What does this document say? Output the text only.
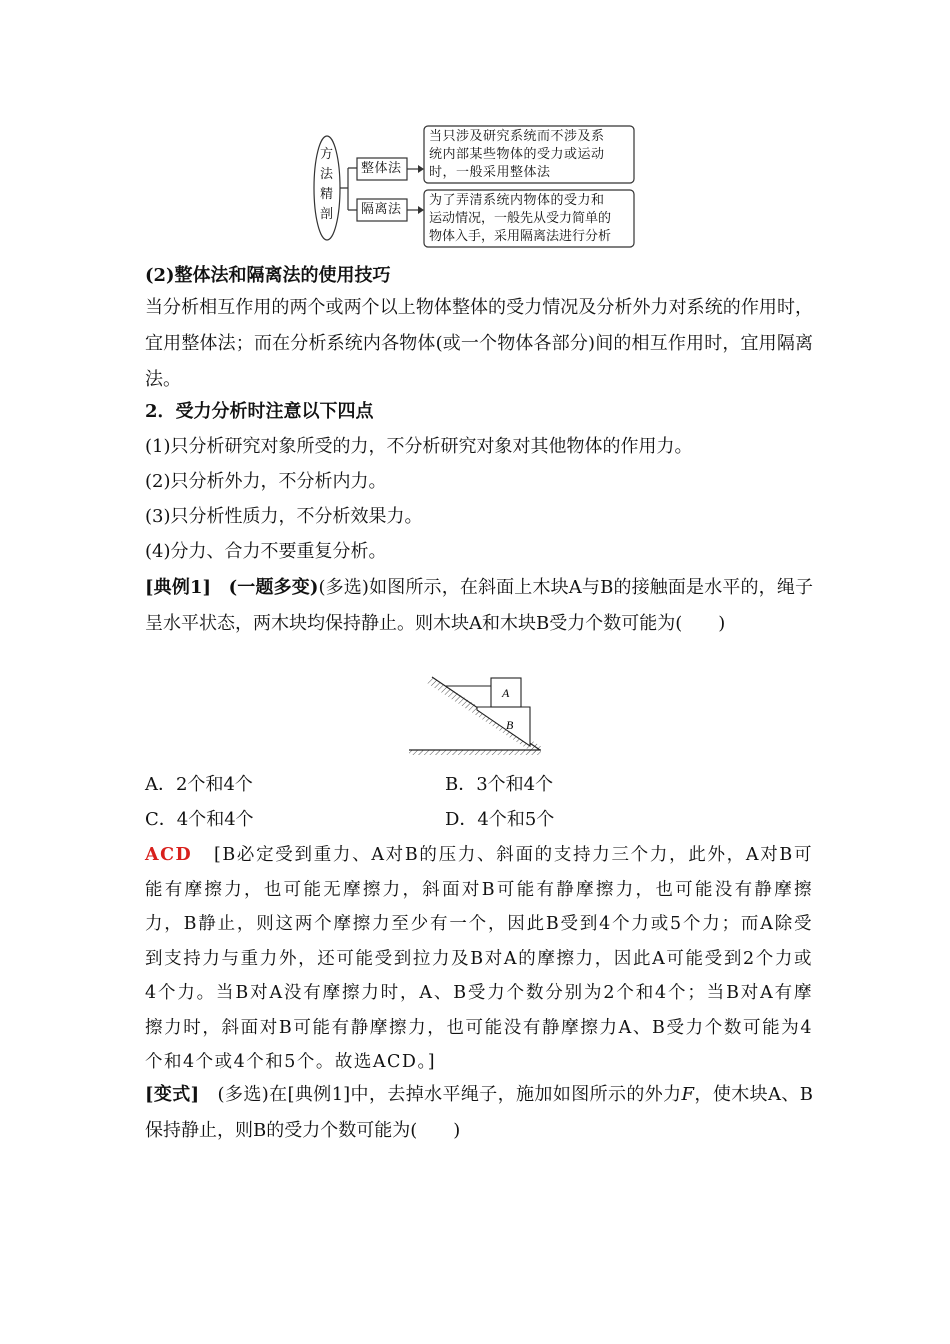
方
法
精
剖
整体法
隔离法
当只涉及研究系统而不涉及系
统内部某些物体的受力或运动
时，一般采用整体法
为了弄清系统内物体的受力和
运动情况，一般先从受力简单的
物体入手，采用隔离法进行分析
(2)整体法和隔离法的使用技巧
当分析相互作用的两个或两个以上物体整体的受力情况及分析外力对系统的作用时，宜用整体法；而在分析系统内各物体(或一个物体各部分)间的相互作用时，宜用隔离法。
2．受力分析时注意以下四点
(1)只分析研究对象所受的力，不分析研究对象对其他物体的作用力。
(2)只分析外力，不分析内力。
(3)只分析性质力，不分析效果力。
(4)分力、合力不要重复分析。
[典例1] (一题多变)(多选)如图所示，在斜面上木块A与B的接触面是水平的，绳子呈水平状态，两木块均保持静止。则木块A和木块B受力个数可能为(　　)
A
B
A．2个和4个	B．3个和4个
C．4个和4个	D．4个和5个
ACD [B必定受到重力、A对B的压力、斜面的支持力三个力，此外，A对B可能有摩擦力，也可能无摩擦力，斜面对B可能有静摩擦力，也可能没有静摩擦力，B静止，则这两个摩擦力至少有一个，因此B受到4个力或5个力；而A除受到支持力与重力外，还可能受到拉力及B对A的摩擦力，因此A可能受到2个力或4个力。当B对A没有摩擦力时，A、B受力个数分别为2个和4个；当B对A有摩擦力时，斜面对B可能有静摩擦力，也可能没有静摩擦力A、B受力个数可能为4个和4个或4个和5个。故选ACD。]
[变式] (多选)在[典例1]中，去掉水平绳子，施加如图所示的外力F，使木块A、B保持静止，则B的受力个数可能为(　　)
